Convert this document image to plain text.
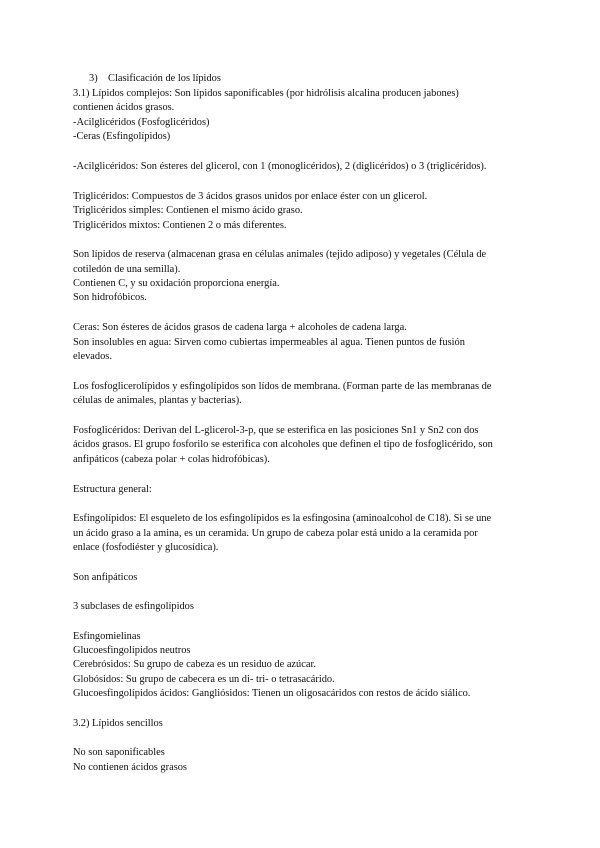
3) Clasificación de los lípidos
3.1) Lípidos complejos: Son lípidos saponificables (por hidrólisis alcalina producen jabones)
contienen ácidos grasos.
-Acilglicéridos (Fosfoglicéridos)
-Ceras (Esfingolípidos)
-Acilglicéridos: Son ésteres del glicerol, con 1 (monoglicéridos), 2 (diglicéridos) o 3 (triglicéridos).
Triglicéridos: Compuestos de 3 ácidos grasos unidos por enlace éster con un glicerol.
Triglicéridos simples: Contienen el mismo ácido graso.
Triglicéridos mixtos: Contienen 2 o más diferentes.
Son lípidos de reserva (almacenan grasa en células animales (tejido adiposo) y vegetales (Célula de
cotiledón de una semilla).
Contienen C, y su oxidación proporciona energía.
Son hidrofóbicos.
Ceras: Son ésteres de ácidos grasos de cadena larga + alcoholes de cadena larga.
Son insolubles en agua: Sirven como cubiertas impermeables al agua. Tienen puntos de fusión
elevados.
Los fosfoglicerolípidos y esfingolípidos son lídos de membrana. (Forman parte de las membranas de
células de animales, plantas y bacterias).
Fosfoglicéridos: Derivan del L-glicerol-3-p, que se esterifica en las posiciones Sn1 y Sn2 con dos
ácidos grasos. El grupo fosforilo se esterifica con alcoholes que definen el tipo de fosfoglicérido, son
anfipáticos (cabeza polar + colas hidrofóbicas).
Estructura general:
Esfingolípidos: El esqueleto de los esfingolípidos es la esfingosina (aminoalcohol de C18). Si se une
un ácido graso a la amina, es un ceramida. Un grupo de cabeza polar está unido a la ceramida por
enlace (fosfodiéster y glucosídica).
Son anfipáticos
3 subclases de esfingolípidos
Esfingomielinas
Glucoesfingolípidos neutros
Cerebrósidos: Su grupo de cabeza es un residuo de azúcar.
Globósidos: Su grupo de cabecera es un di- tri- o tetrasacárido.
Glucoesfingolípidos ácidos: Gangliósidos: Tienen un oligosacáridos con restos de ácido siálico.
3.2) Lípidos sencillos
No son saponificables
No contienen ácidos grasos
